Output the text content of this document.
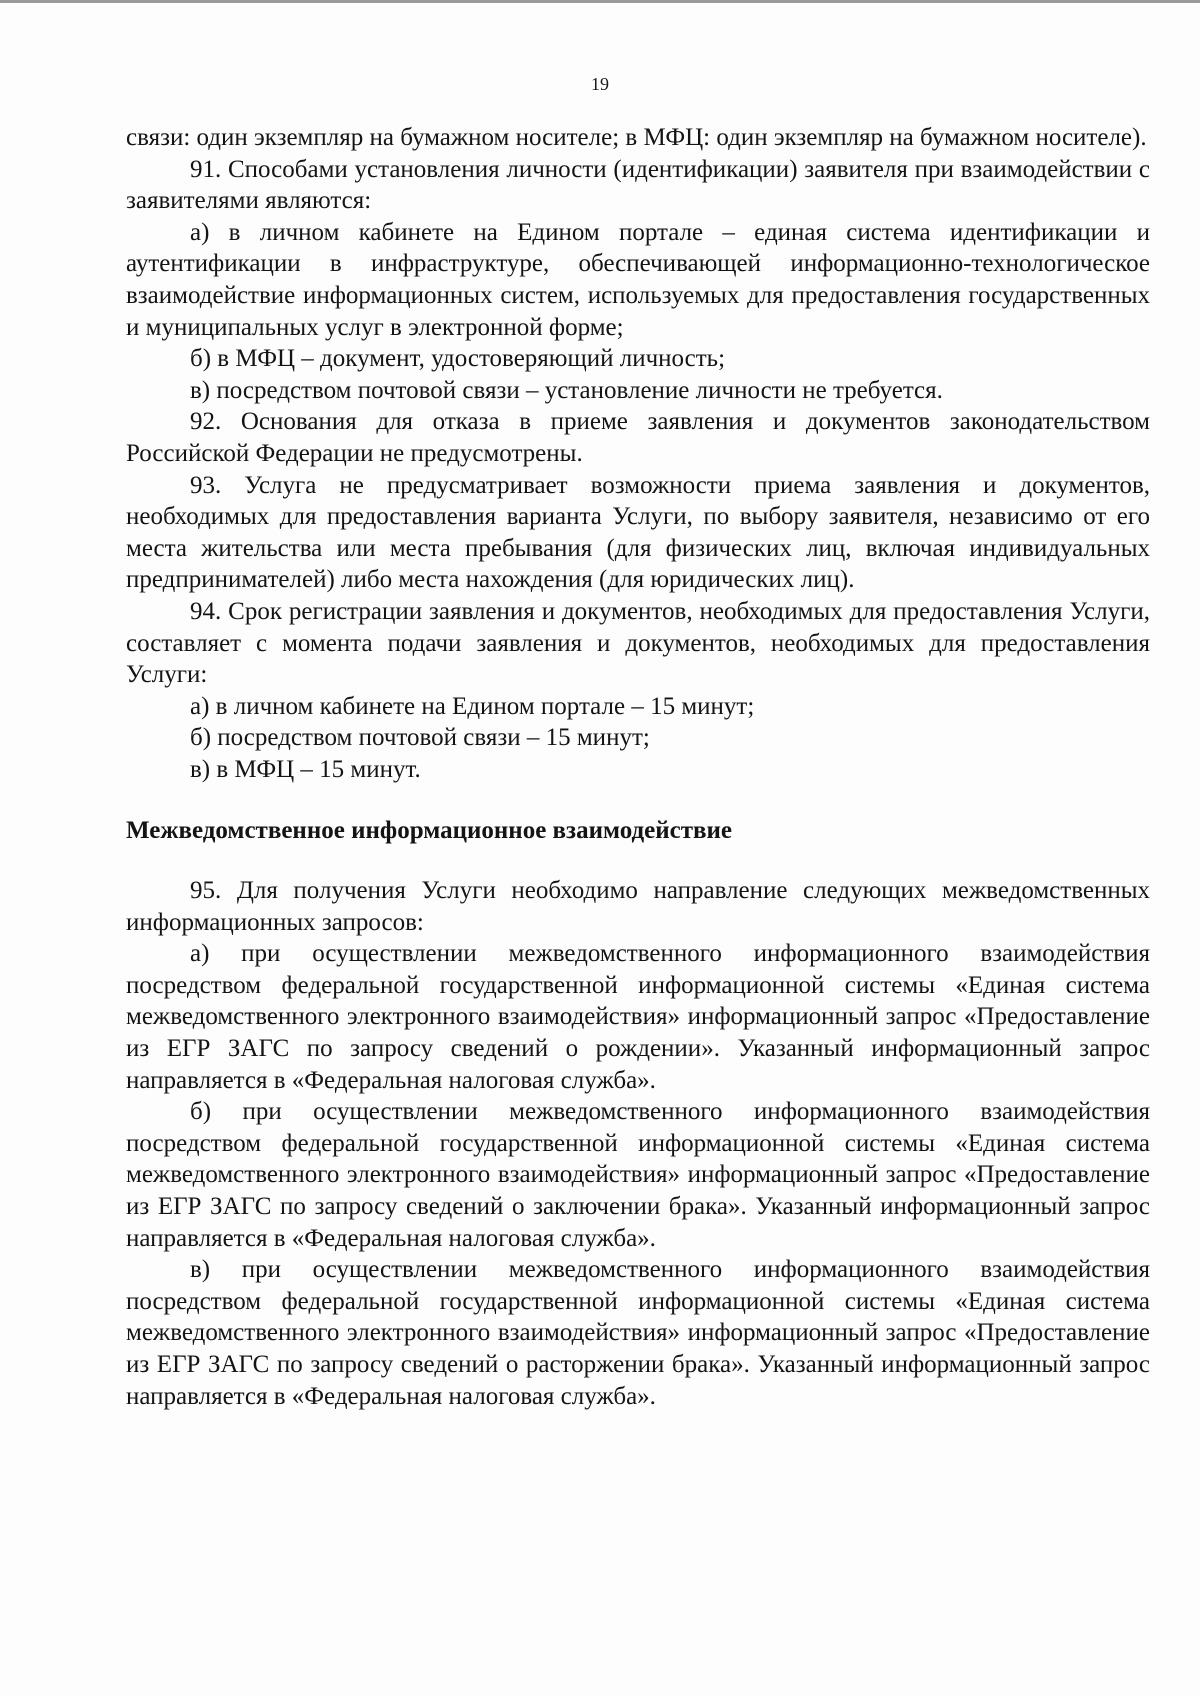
19

связи: один экземпляр на бумажном носителе; в МФЦ: один экземпляр на бумажном носителе).

91. Способами установления личности (идентификации) заявителя при взаимодействии с заявителями являются:

а) в личном кабинете на Едином портале – единая система идентификации и аутентификации в инфраструктуре, обеспечивающей информационно-технологическое взаимодействие информационных систем, используемых для предоставления государственных и муниципальных услуг в электронной форме;

б) в МФЦ – документ, удостоверяющий личность;

в) посредством почтовой связи – установление личности не требуется.

92. Основания для отказа в приеме заявления и документов законодательством Российской Федерации не предусмотрены.

93. Услуга не предусматривает возможности приема заявления и документов, необходимых для предоставления варианта Услуги, по выбору заявителя, независимо от его места жительства или места пребывания (для физических лиц, включая индивидуальных предпринимателей) либо места нахождения (для юридических лиц).

94. Срок регистрации заявления и документов, необходимых для предоставления Услуги, составляет с момента подачи заявления и документов, необходимых для предоставления Услуги:

а) в личном кабинете на Едином портале – 15 минут;

б) посредством почтовой связи – 15 минут;

в) в МФЦ – 15 минут.

Межведомственное информационное взаимодействие

95. Для получения Услуги необходимо направление следующих межведомственных информационных запросов:

а) при осуществлении межведомственного информационного взаимодействия посредством федеральной государственной информационной системы «Единая система межведомственного электронного взаимодействия» информационный запрос «Предоставление из ЕГР ЗАГС по запросу сведений о рождении». Указанный информационный запрос направляется в «Федеральная налоговая служба».

б) при осуществлении межведомственного информационного взаимодействия посредством федеральной государственной информационной системы «Единая система межведомственного электронного взаимодействия» информационный запрос «Предоставление из ЕГР ЗАГС по запросу сведений о заключении брака». Указанный информационный запрос направляется в «Федеральная налоговая служба».

в) при осуществлении межведомственного информационного взаимодействия посредством федеральной государственной информационной системы «Единая система межведомственного электронного взаимодействия» информационный запрос «Предоставление из ЕГР ЗАГС по запросу сведений о расторжении брака». Указанный информационный запрос направляется в «Федеральная налоговая служба».
